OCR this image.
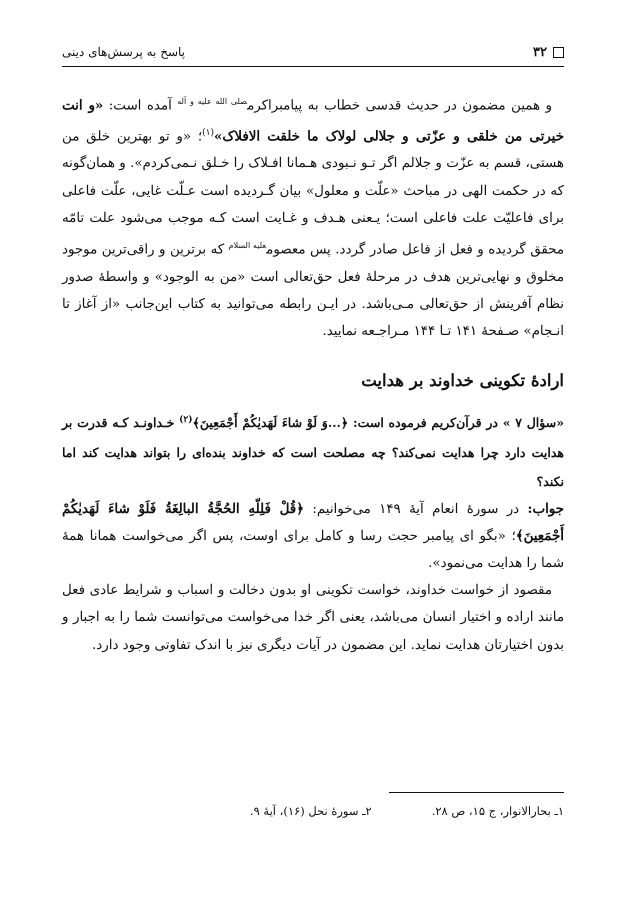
۳۲
پاسخ به پرسش‌های دینی

و همین مضمون در حدیث قدسی خطاب به پیامبراکرم$^{صلی الله علیه و آله}$ آمده است: «و انت خیرتی من خلقی و عزّتی و جلالی لولاک ما خلقت الافلاک»$^{(۱)}$؛ «و تو بهترین خلق من هستی، قسم به عزّت و جلالم اگر تـو نـبودی هـمانا افـلاک را خـلق نـمی‌کردم». و همان‌گونه که در حکمت الهی در مباحث «علّت و معلول» بیان گـردیده است عـلّت غایی، علّت فاعلی برای فاعلیّت علت فاعلی است؛ یـعنی هـدف و غـایت است کـه موجب می‌شود علت تامّه محقق گردیده و فعل از فاعل صادر گردد. پس معصوم$^{علیه السلام}$ که برترین و راقی‌ترین موجود مخلوق و نهایی‌ترین هدف در مرحلهٔ فعل حق‌تعالی است «من به الوجود» و واسطهٔ صدور نظام آفرینش از حق‌تعالی مـی‌باشد. در ایـن رابطه می‌توانید به کتاب این‌جانب «از آغاز تا انـجام» صـفحهٔ ۱۴۱ تـا ۱۴۴ مـراجـعه نمایید.

ارادهٔ تکوینی خداوند بر هدایت

«سؤال ۷ » در قرآن‌کریم فرموده است: ﴿...وَ لَوْ شاءَ لَهَدیٰکُمْ أَجْمَعِینَ﴾$^{(۲)}$ خـداونـد کـه قدرت بر هدایت دارد چرا هدایت نمی‌کند؟ چه مصلحت است که خداوند بنده‌ای را بتواند هدایت کند اما نکند؟

جواب: در سورهٔ انعام آیهٔ ۱۴۹ می‌خوانیم: ﴿قُلْ فَلِلّهِ الحُجَّةُ البالِغَةُ فَلَوْ شاءَ لَهَدیٰکُمْ أَجْمَعِینَ﴾؛ «بگو ای پیامبر حجت رسا و کامل برای اوست، پس اگر می‌خواست همانا همهٔ شما را هدایت می‌نمود».

مقصود از خواست خداوند، خواست تکوینی او بدون دخالت و اسباب و شرایط عادی فعل مانند اراده و اختیار انسان می‌باشد، یعنی اگر خدا می‌خواست می‌توانست شما را به اجبار و بدون اختیارتان هدایت نماید. این مضمون در آیات دیگری نیز با اندک تفاوتی وجود دارد.

۱ـ بحارالانوار، ج ۱۵، ص ۲۸.
۲ـ سورهٔ نحل (۱۶)، آیهٔ ۹.
